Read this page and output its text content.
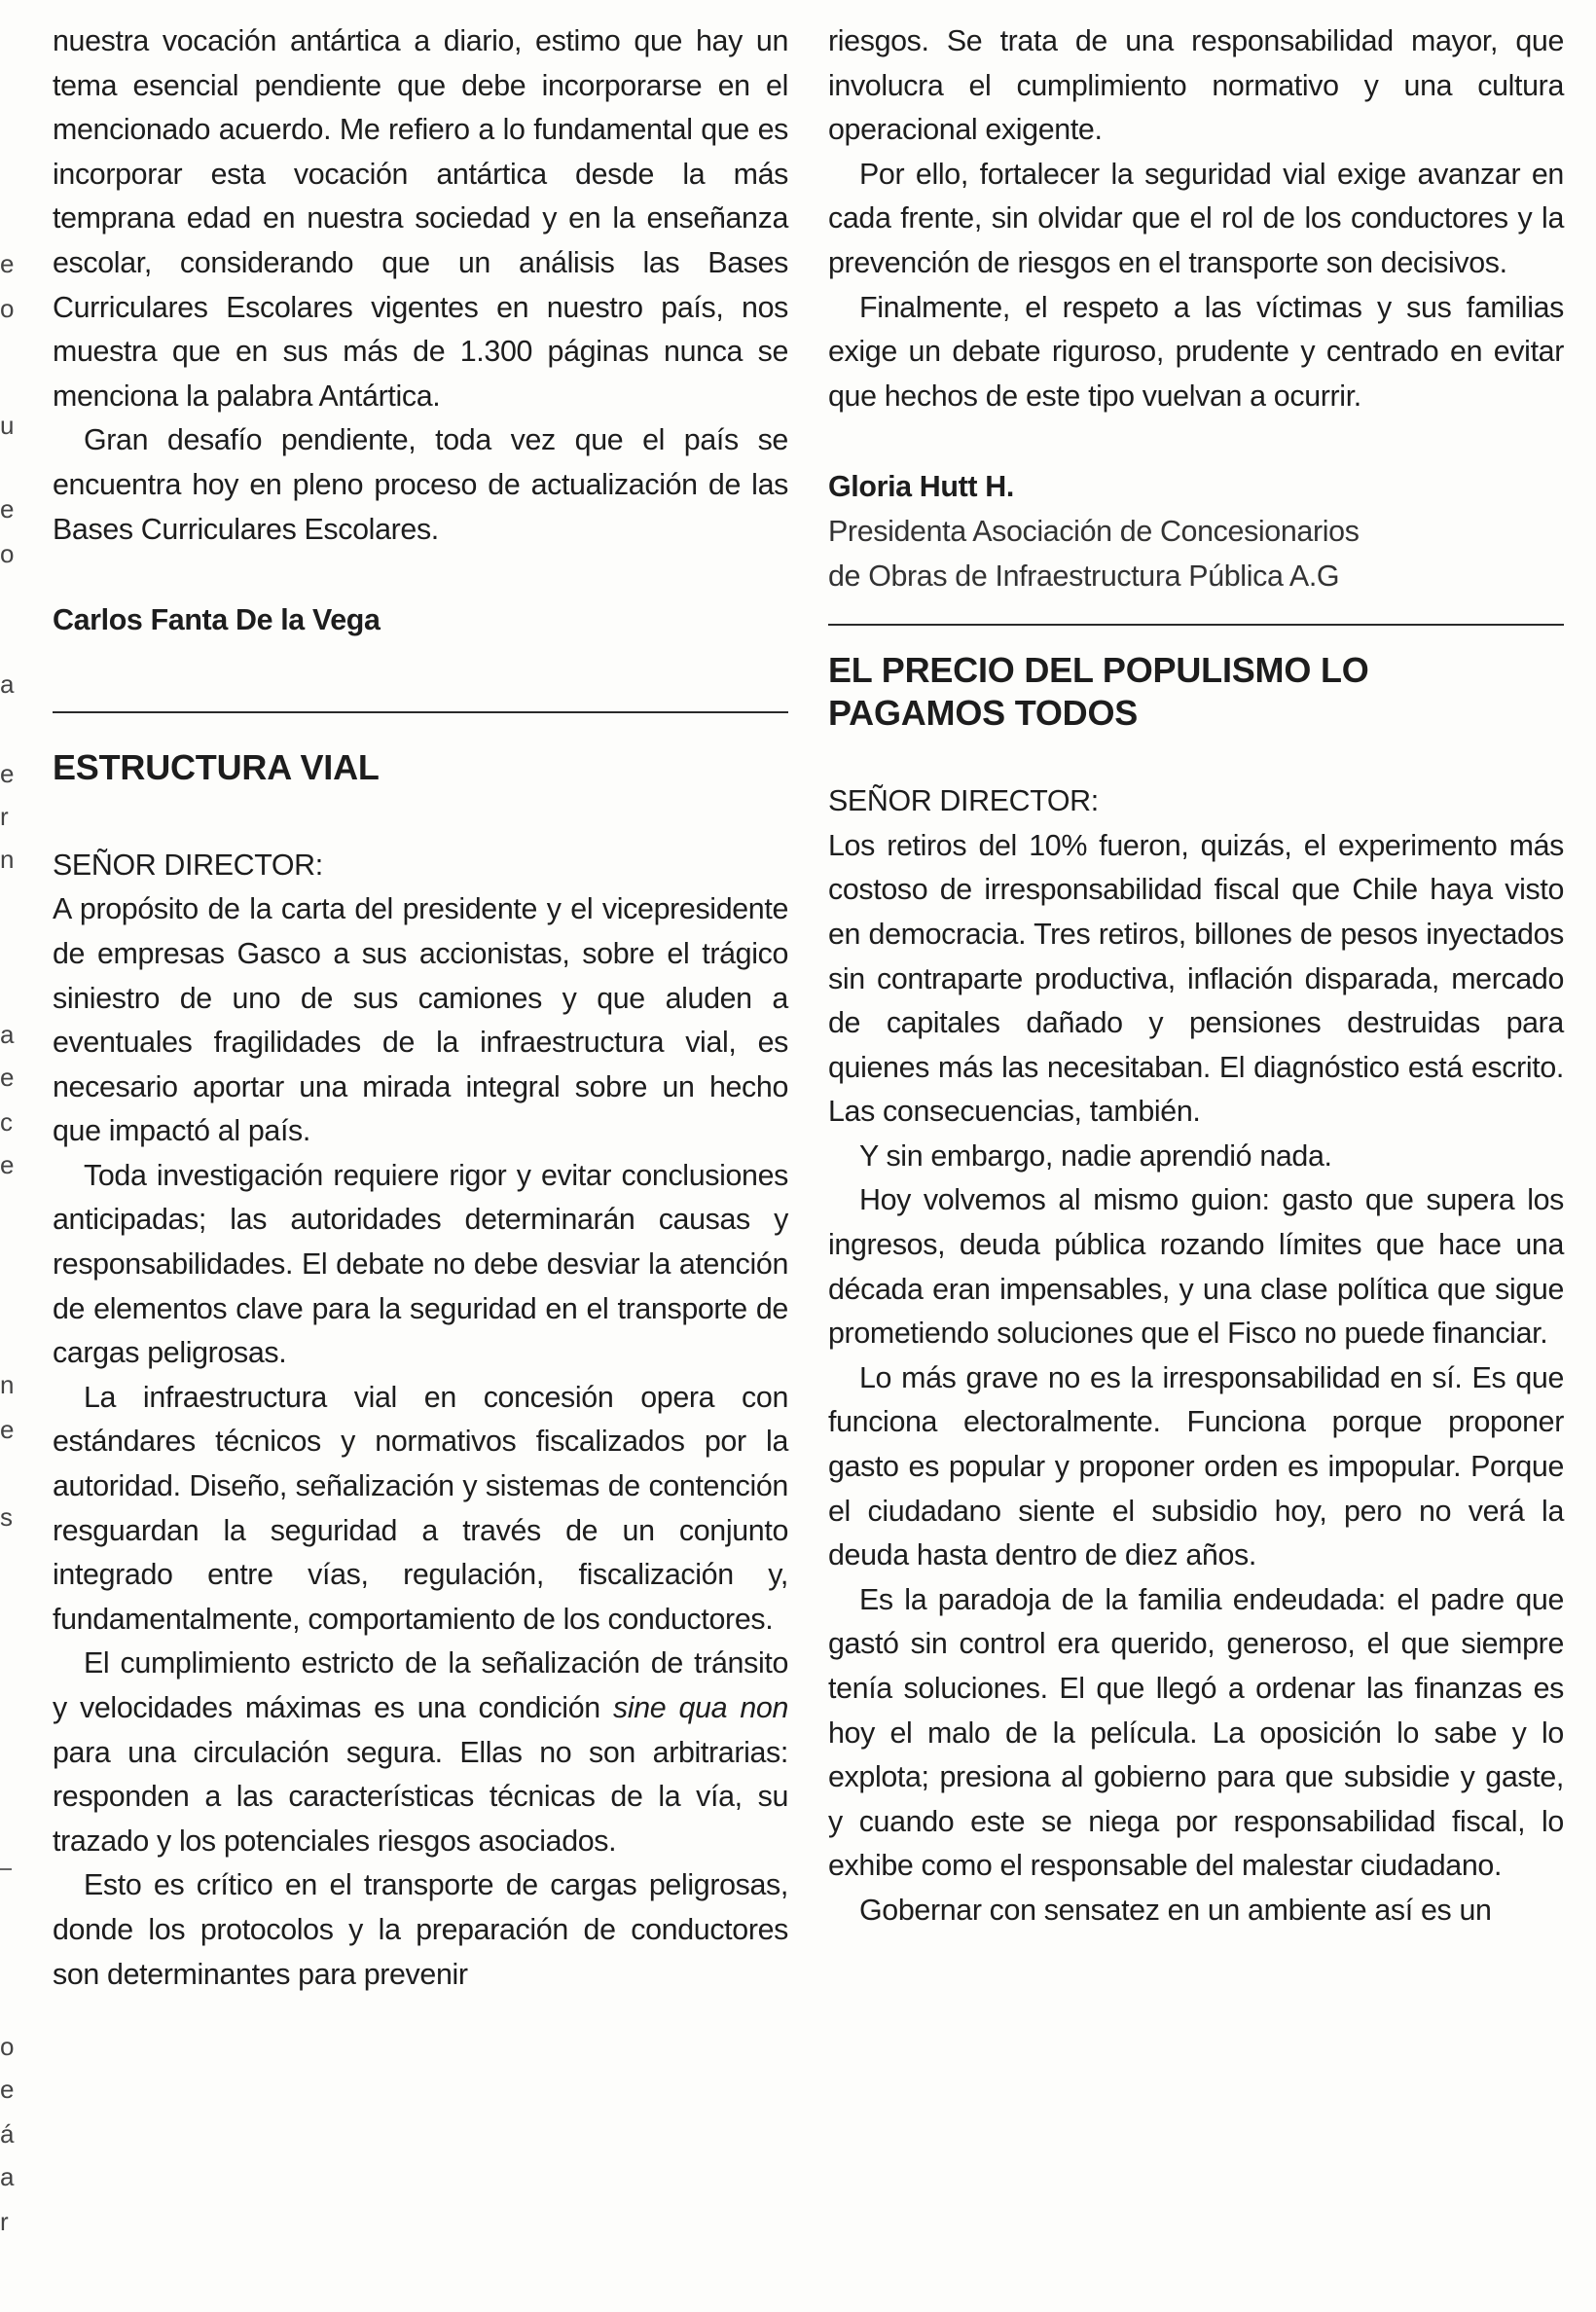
e
o
u
e
o
a
e
r
n
a
e
c
e
n
e
s
o
e
á
a
r

nuestra vocación antártica a diario, estimo que hay un tema esencial pendiente que debe incorporarse en el mencionado acuerdo. Me refiero a lo fundamental que es incorporar esta vocación antártica desde la más temprana edad en nuestra sociedad y en la enseñanza escolar, considerando que un análisis las Bases Curriculares Escolares vigentes en nuestro país, nos muestra que en sus más de 1.300 páginas nunca se menciona la palabra Antártica.

Gran desafío pendiente, toda vez que el país se encuentra hoy en pleno proceso de actualización de las Bases Curriculares Escolares.

Carlos Fanta De la Vega

ESTRUCTURA VIAL

SEÑOR DIRECTOR:

A propósito de la carta del presidente y el vicepresidente de empresas Gasco a sus accionistas, sobre el trágico siniestro de uno de sus camiones y que aluden a eventuales fragilidades de la infraestructura vial, es necesario aportar una mirada integral sobre un hecho que impactó al país.

Toda investigación requiere rigor y evitar conclusiones anticipadas; las autoridades determinarán causas y responsabilidades. El debate no debe desviar la atención de elementos clave para la seguridad en el transporte de cargas peligrosas.

La infraestructura vial en concesión opera con estándares técnicos y normativos fiscalizados por la autoridad. Diseño, señalización y sistemas de contención resguardan la seguridad a través de un conjunto integrado entre vías, regulación, fiscalización y, fundamentalmente, comportamiento de los conductores.

El cumplimiento estricto de la señalización de tránsito y velocidades máximas es una condición sine qua non para una circulación segura. Ellas no son arbitrarias: responden a las características técnicas de la vía, su trazado y los potenciales riesgos asociados.

Esto es crítico en el transporte de cargas peligrosas, donde los protocolos y la preparación de conductores son determinantes para prevenir

riesgos. Se trata de una responsabilidad mayor, que involucra el cumplimiento normativo y una cultura operacional exigente.

Por ello, fortalecer la seguridad vial exige avanzar en cada frente, sin olvidar que el rol de los conductores y la prevención de riesgos en el transporte son decisivos.

Finalmente, el respeto a las víctimas y sus familias exige un debate riguroso, prudente y centrado en evitar que hechos de este tipo vuelvan a ocurrir.

Gloria Hutt H.

Presidenta Asociación de Concesionarios

de Obras de Infraestructura Pública A.G

EL PRECIO DEL POPULISMO LO
PAGAMOS TODOS

SEÑOR DIRECTOR:

Los retiros del 10% fueron, quizás, el experimento más costoso de irresponsabilidad fiscal que Chile haya visto en democracia. Tres retiros, billones de pesos inyectados sin contraparte productiva, inflación disparada, mercado de capitales dañado y pensiones destruidas para quienes más las necesitaban. El diagnóstico está escrito. Las consecuencias, también.

Y sin embargo, nadie aprendió nada.

Hoy volvemos al mismo guion: gasto que supera los ingresos, deuda pública rozando límites que hace una década eran impensables, y una clase política que sigue prometiendo soluciones que el Fisco no puede financiar.

Lo más grave no es la irresponsabilidad en sí. Es que funciona electoralmente. Funciona porque proponer gasto es popular y proponer orden es impopular. Porque el ciudadano siente el subsidio hoy, pero no verá la deuda hasta dentro de diez años.

Es la paradoja de la familia endeudada: el padre que gastó sin control era querido, generoso, el que siempre tenía soluciones. El que llegó a ordenar las finanzas es hoy el malo de la película. La oposición lo sabe y lo explota; presiona al gobierno para que subsidie y gaste, y cuando este se niega por responsabilidad fiscal, lo exhibe como el responsable del malestar ciudadano.

Gobernar con sensatez en un ambiente así es un
